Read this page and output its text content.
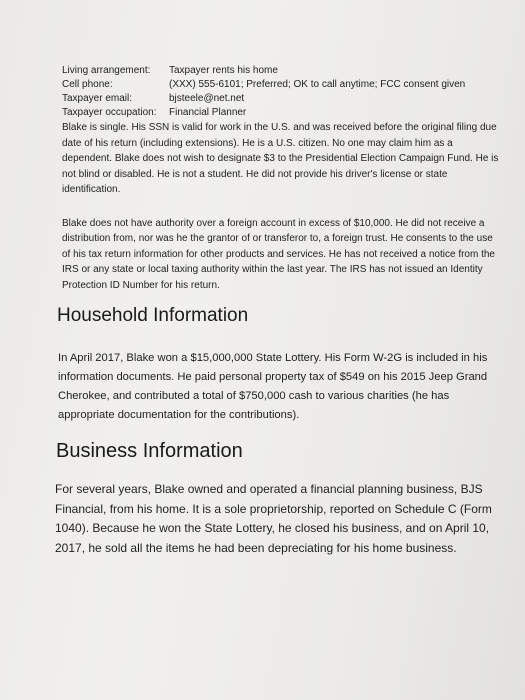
Living arrangement:	Taxpayer rents his home
Cell phone:	(XXX) 555-6101; Preferred; OK to call anytime; FCC consent given
Taxpayer email:	bjsteele@net.net
Taxpayer occupation:	Financial Planner

Blake is single. His SSN is valid for work in the U.S. and was received before the original filing due date of his return (including extensions). He is a U.S. citizen. No one may claim him as a dependent. Blake does not wish to designate $3 to the Presidential Election Campaign Fund. He is not blind or disabled. He is not a student. He did not provide his driver's license or state identification.

Blake does not have authority over a foreign account in excess of $10,000. He did not receive a distribution from, nor was he the grantor of or transferor to, a foreign trust. He consents to the use of his tax return information for other products and services. He has not received a notice from the IRS or any state or local taxing authority within the last year. The IRS has not issued an Identity Protection ID Number for his return.

Household Information

In April 2017, Blake won a $15,000,000 State Lottery. His Form W-2G is included in his information documents. He paid personal property tax of $549 on his 2015 Jeep Grand Cherokee, and contributed a total of $750,000 cash to various charities (he has appropriate documentation for the contributions).

Business Information

For several years, Blake owned and operated a financial planning business, BJS Financial, from his home. It is a sole proprietorship, reported on Schedule C (Form 1040). Because he won the State Lottery, he closed his business, and on April 10, 2017, he sold all the items he had been depreciating for his home business.
